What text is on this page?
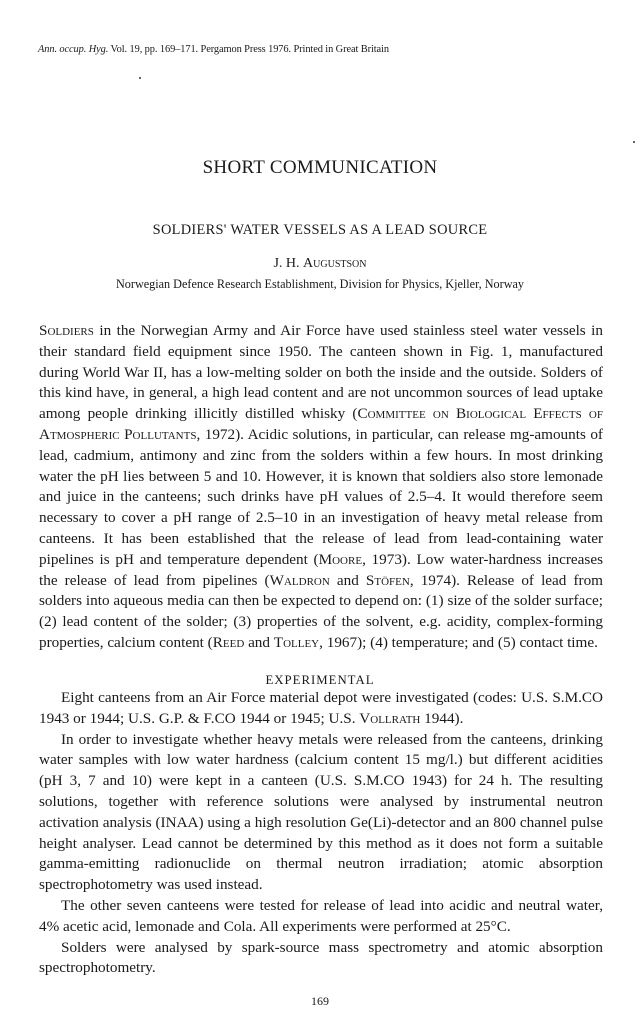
Ann. occup. Hyg. Vol. 19, pp. 169–171. Pergamon Press 1976. Printed in Great Britain
SHORT COMMUNICATION
SOLDIERS' WATER VESSELS AS A LEAD SOURCE
J. H. Augustson
Norwegian Defence Research Establishment, Division for Physics, Kjeller, Norway
Soldiers in the Norwegian Army and Air Force have used stainless steel water vessels in their standard field equipment since 1950. The canteen shown in Fig. 1, manufactured during World War II, has a low-melting solder on both the inside and the outside. Solders of this kind have, in general, a high lead content and are not uncommon sources of lead uptake among people drinking illicitly distilled whisky (Committee on Biological Effects of Atmospheric Pollutants, 1972). Acidic solutions, in particular, can release mg-amounts of lead, cadmium, antimony and zinc from the solders within a few hours. In most drinking water the pH lies between 5 and 10. However, it is known that soldiers also store lemonade and juice in the canteens; such drinks have pH values of 2.5–4. It would therefore seem necessary to cover a pH range of 2.5–10 in an investigation of heavy metal release from canteens. It has been established that the release of lead from lead-containing water pipelines is pH and temperature dependent (Moore, 1973). Low water-hardness increases the release of lead from pipelines (Waldron and Stöfen, 1974). Release of lead from solders into aqueous media can then be expected to depend on: (1) size of the solder surface; (2) lead content of the solder; (3) properties of the solvent, e.g. acidity, complex-forming properties, calcium content (Reed and Tolley, 1967); (4) temperature; and (5) contact time.
EXPERIMENTAL

Eight canteens from an Air Force material depot were investigated (codes: U.S. S.M.CO 1943 or 1944; U.S. G.P. & F.CO 1944 or 1945; U.S. Vollrath 1944).

In order to investigate whether heavy metals were released from the canteens, drinking water samples with low water hardness (calcium content 15 mg/l.) but different acidities (pH 3, 7 and 10) were kept in a canteen (U.S. S.M.CO 1943) for 24 h. The resulting solutions, together with reference solutions were analysed by instrumental neutron activation analysis (INAA) using a high resolution Ge(Li)-detector and an 800 channel pulse height analyser. Lead cannot be determined by this method as it does not form a suitable gamma-emitting radionuclide on thermal neutron irradiation; atomic absorption spectrophotometry was used instead.

The other seven canteens were tested for release of lead into acidic and neutral water, 4% acetic acid, lemonade and Cola. All experiments were performed at 25°C.

Solders were analysed by spark-source mass spectrometry and atomic absorption spectrophotometry.

169
